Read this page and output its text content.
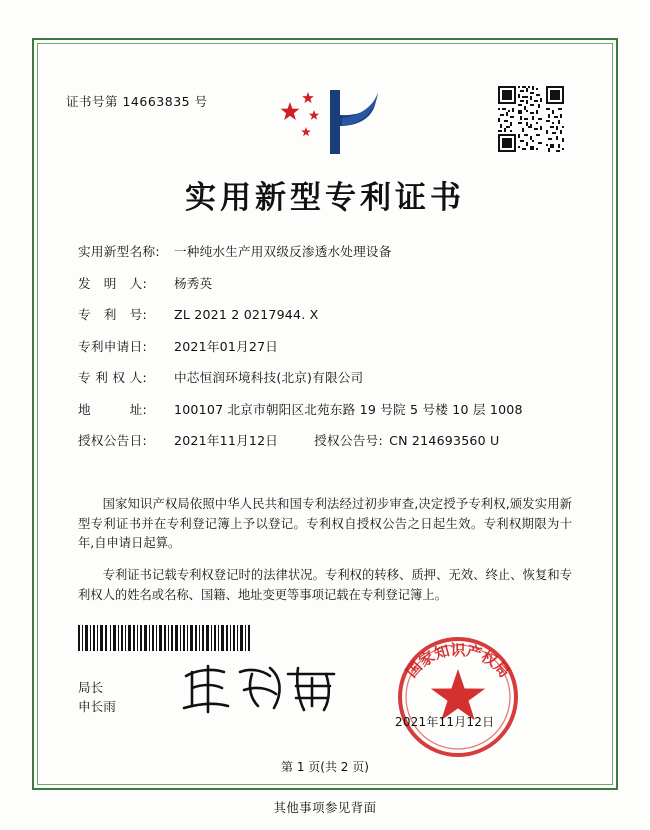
证书号第 14663835 号
实用新型专利证书
实用新型名称:	一种纯水生产用双级反渗透水处理设备
发　明　人:	杨秀英
专　利　号:	ZL 2021 2 0217944. X
专利申请日:	2021年01月27日
专 利 权 人:	中芯恒润环境科技(北京)有限公司
地　　　址:	100107 北京市朝阳区北苑东路 19 号院 5 号楼 10 层 1008
授权公告日:	2021年11月12日	授权公告号: CN 214693560 U

国家知识产权局依照中华人民共和国专利法经过初步审查,决定授予专利权,颁发实用新型专利证书并在专利登记簿上予以登记。专利权自授权公告之日起生效。专利权期限为十年,自申请日起算。

专利证书记载专利权登记时的法律状况。专利权的转移、质押、无效、终止、恢复和专利权人的姓名或名称、国籍、地址变更等事项记载在专利登记簿上。

局长
申长雨
国家知识产权局
2021年11月12日
第 1 页(共 2 页)
其他事项参见背面
